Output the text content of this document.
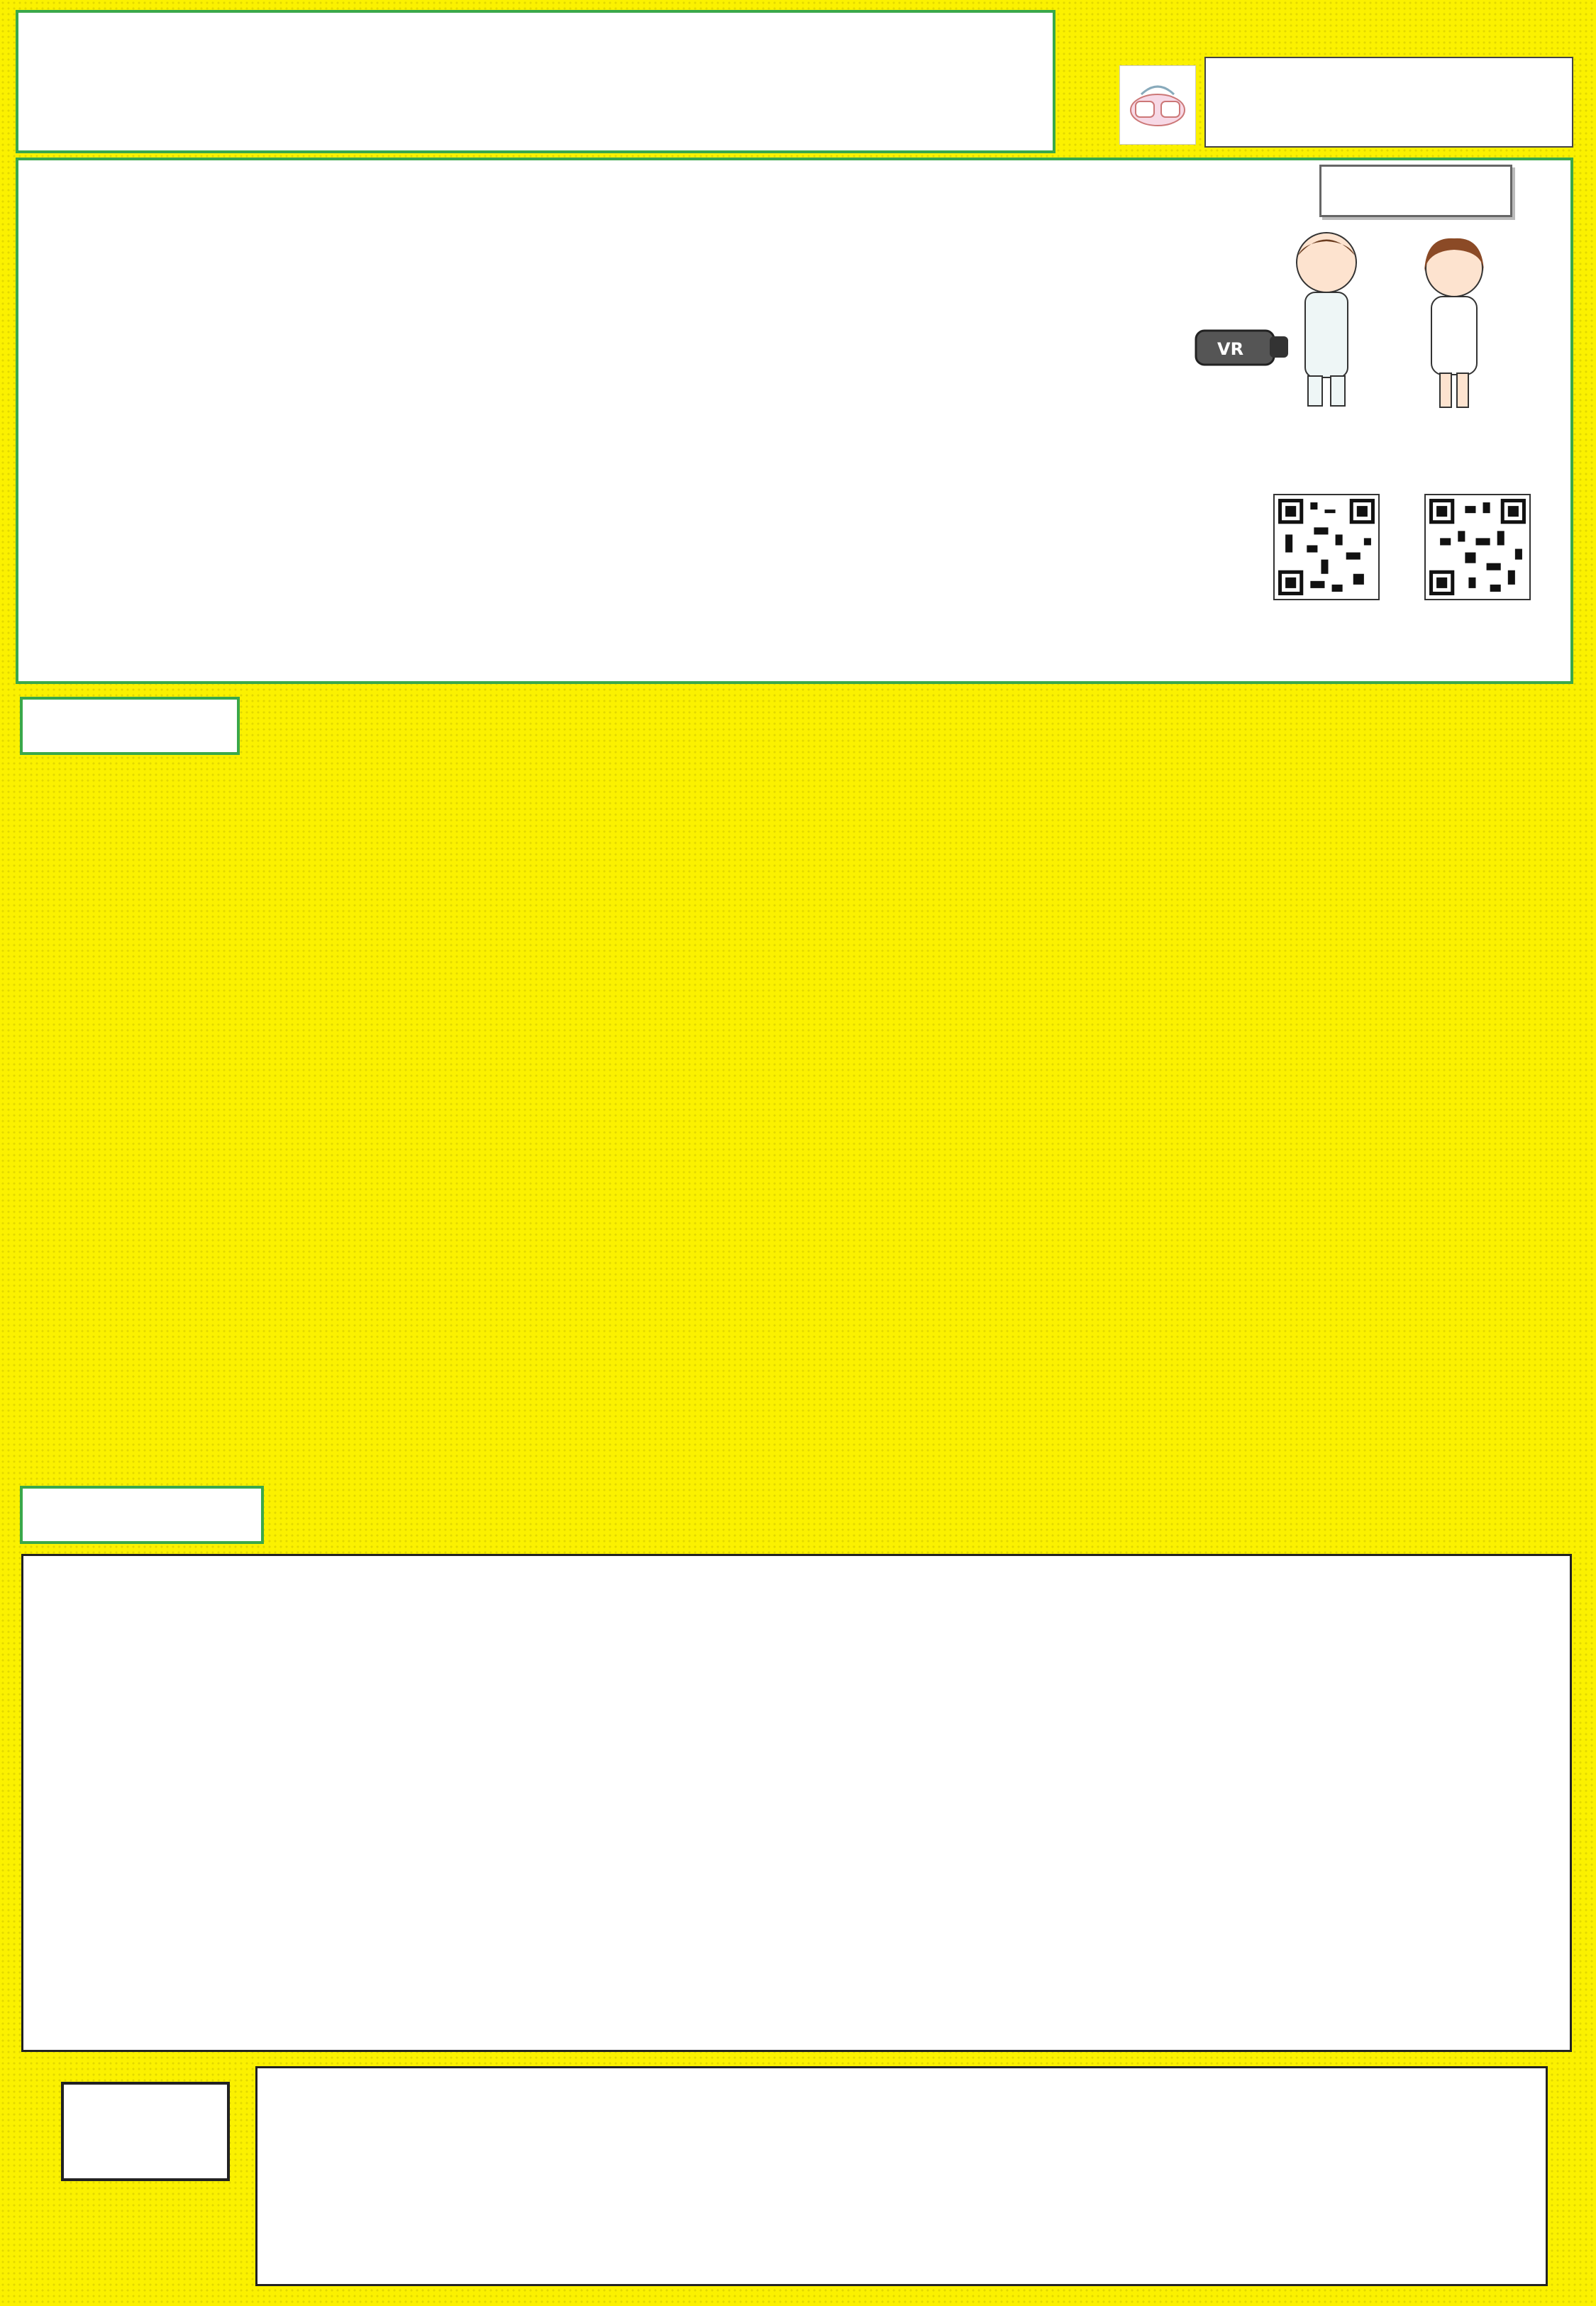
VR
